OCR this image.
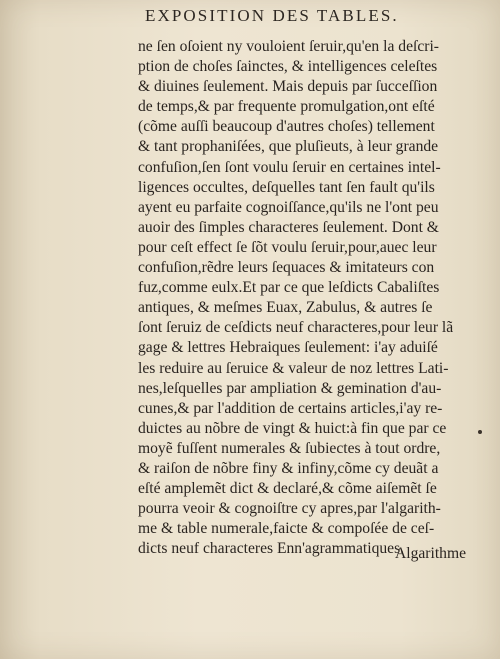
EXPOSITION DES TABLES.
ne ſen oſoient ny vouloient ſeruir,qu'en la deſcri-
ption de choſes ſainctes, & intelligences celeſtes
& diuines ſeulement. Mais depuis par ſucceſſion
de temps,& par frequente promulgation,ont eſté
(cõme auſſi beaucoup d'autres choſes) tellement
& tant prophaniſées, que pluſieuts, à leur grande
confuſion,ſen ſont voulu ſeruir en certaines intel-
ligences occultes, deſquelles tant ſen fault qu'ils
ayent eu parfaite cognoiſſance,qu'ils ne l'ont peu
auoir des ſimples characteres ſeulement. Dont &
pour ceſt effect ſe ſõt voulu ſeruir,pour,auec leur
confuſion,rẽdre leurs ſequaces & imitateurs con
fuz,comme eulx.Et par ce que leſdicts Cabaliſtes
antiques, & meſmes Euax, Zabulus, & autres ſe
ſont ſeruiz de ceſdicts neuf characteres,pour leur lã
gage & lettres Hebraiques ſeulement: i'ay aduiſé
les reduire au ſeruice & valeur de noz lettres Lati-
nes,leſquelles par ampliation & gemination d'au-
cunes,& par l'addition de certains articles,i'ay re-
duictes au nõbre de vingt & huict:à fin que par ce
moyẽ fuſſent numerales & ſubiectes à tout ordre,
& raiſon de nõbre finy & infiny,cõme cy deuãt a
eſté amplemẽt dict & declaré,& cõme aiſemẽt ſe
pourra veoir & cognoiſtre cy apres,par l'algarith-
me & table numerale,faicte & compoſée de ceſ-
dicts neuf characteres Enn'agrammatiques.
Algarithme
